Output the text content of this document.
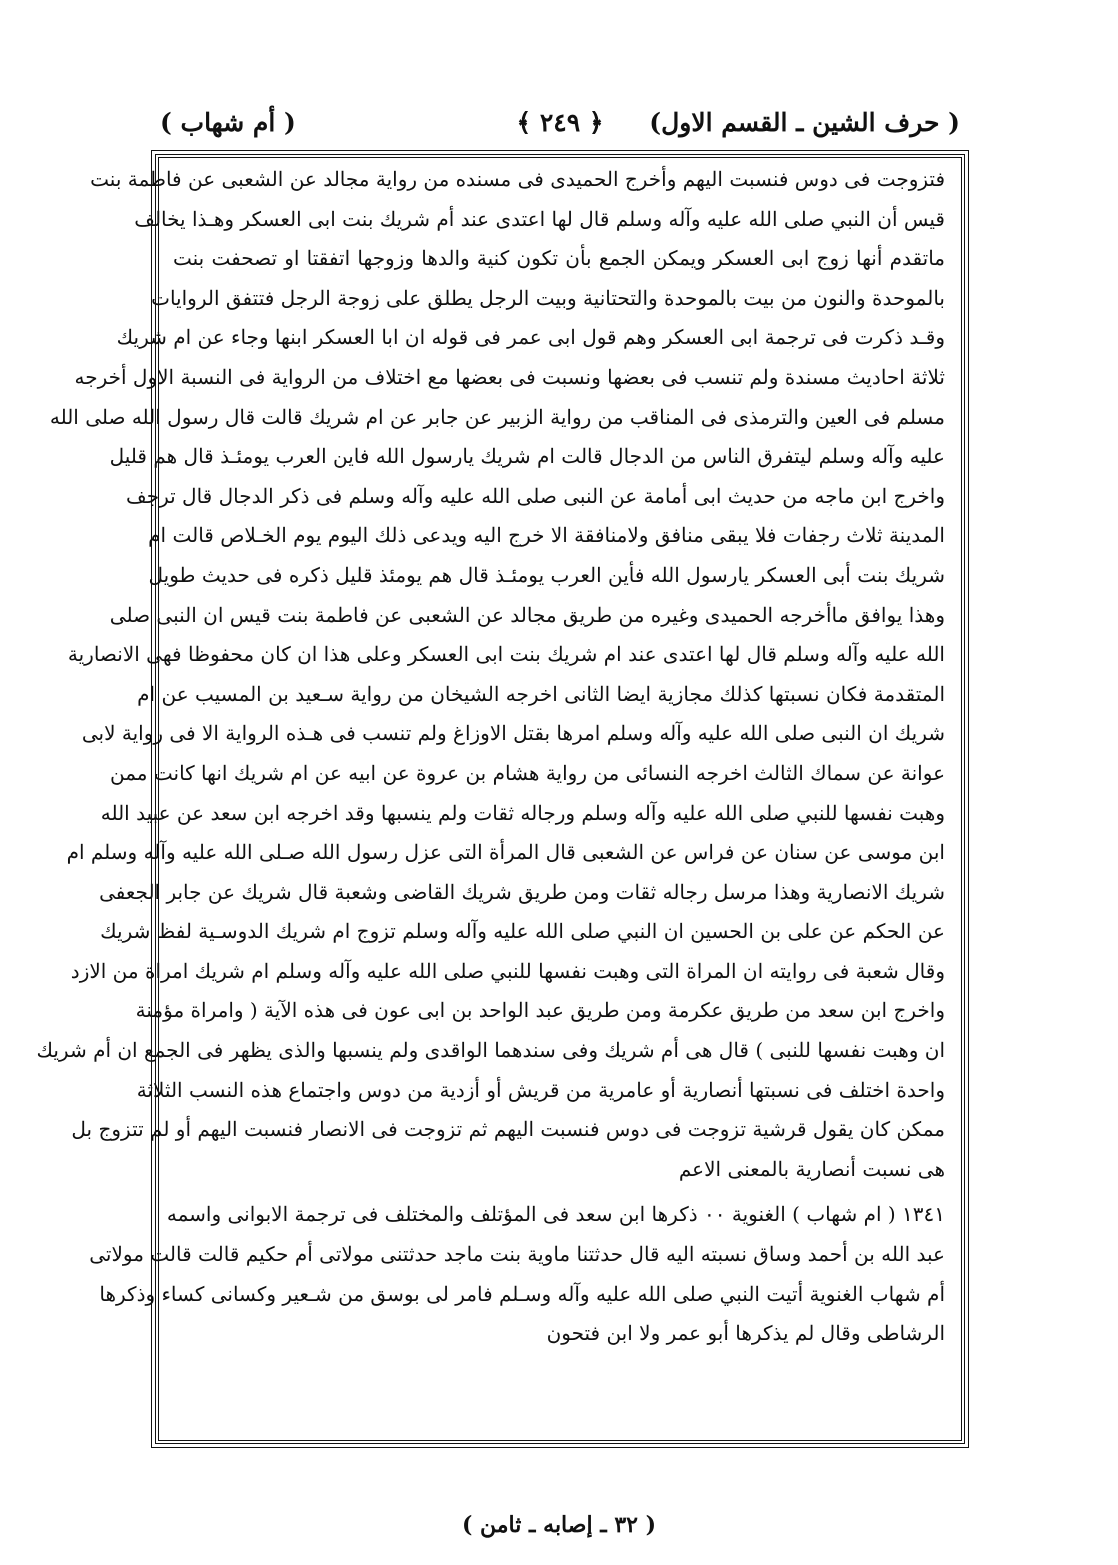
( حرف الشين ـ القسم الاول)
﴿ ٢٤٩ ﴾
( أم شهاب )
فتزوجت فى دوس فنسبت اليهم وأخرج الحميدى فى مسنده من رواية مجالد عن الشعبى عن فاطمة بنت
قيس أن النبي صلى الله عليه وآله وسلم قال لها اعتدى عند أم شريك بنت ابى العسكر وهـذا يخالف
ماتقدم أنها زوج ابى العسكر ويمكن الجمع بأن تكون كنية والدها وزوجها اتفقتا او تصحفت بنت
بالموحدة والنون من بيت بالموحدة والتحتانية وبيت الرجل يطلق على زوجة الرجل فتتفق الروايات
وقـد ذكرت فى ترجمة ابى العسكر وهم قول ابى عمر فى قوله ان ابا العسكر ابنها وجاء عن ام شريك
ثلاثة احاديث مسندة ولم تنسب فى بعضها ونسبت فى بعضها مع اختلاف من الرواية فى النسبة الاول أخرجه
مسلم فى العين والترمذى فى المناقب من رواية الزبير عن جابر عن ام شريك قالت قال رسول الله صلى الله
عليه وآله وسلم ليتفرق الناس من الدجال قالت ام شريك يارسول الله فاين العرب يومئـذ قال هم قليل
واخرج ابن ماجه من حديث ابى أمامة عن النبى صلى الله عليه وآله وسلم فى ذكر الدجال قال ترجف
المدينة ثلاث رجفات فلا يبقى منافق ولامنافقة الا خرج اليه ويدعى ذلك اليوم يوم الخـلاص قالت ام
شريك بنت أبى العسكر يارسول الله فأين العرب يومئـذ قال هم يومئذ قليل ذكره فى حديث طويل
وهذا يوافق ماأخرجه الحميدى وغيره من طريق مجالد عن الشعبى عن فاطمة بنت قيس ان النبى صلى
الله عليه وآله وسلم قال لها اعتدى عند ام شريك بنت ابى العسكر وعلى هذا ان كان محفوظا فهى الانصارية
المتقدمة فكان نسبتها كذلك مجازية ايضا الثانى اخرجه الشيخان من رواية سـعيد بن المسيب عن ام
شريك ان النبى صلى الله عليه وآله وسلم امرها بقتل الاوزاغ ولم تنسب فى هـذه الرواية الا فى رواية لابى
عوانة عن سماك الثالث اخرجه النسائى من رواية هشام بن عروة عن ابيه عن ام شريك انها كانت ممن
وهبت نفسها للنبي صلى الله عليه وآله وسلم ورجاله ثقات ولم ينسبها وقد اخرجه ابن سعد عن عبيد الله
ابن موسى عن سنان عن فراس عن الشعبى قال المرأة التى عزل رسول الله صـلى الله عليه وآله وسلم ام
شريك الانصارية وهذا مرسل رجاله ثقات ومن طريق شريك القاضى وشعبة قال شريك عن جابر الجعفى
عن الحكم عن على بن الحسين ان النبي صلى الله عليه وآله وسلم تزوج ام شريك الدوسـية لفظ شريك
وقال شعبة فى روايته ان المراة التى وهبت نفسها للنبي صلى الله عليه وآله وسلم ام شريك امراة من الازد
واخرج ابن سعد من طريق عكرمة ومن طريق عبد الواحد بن ابى عون فى هذه الآية ( وامراة مؤمنة
ان وهبت نفسها للنبى ) قال هى أم شريك وفى سندهما الواقدى ولم ينسبها والذى يظهر فى الجمع ان أم شريك
واحدة اختلف فى نسبتها أنصارية أو عامرية من قريش أو أزدية من دوس واجتماع هذه النسب الثلاثة
ممكن كان يقول قرشية تزوجت فى دوس فنسبت اليهم ثم تزوجت فى الانصار فنسبت اليهم أو لم تتزوج بل
هى نسبت أنصارية بالمعنى الاعم
١٣٤١ ( ام شهاب ) الغنوية ٠٠ ذكرها ابن سعد فى المؤتلف والمختلف فى ترجمة الابوانى واسمه
عبد الله بن أحمد وساق نسبته اليه قال حدثتنا ماوية بنت ماجد حدثتنى مولاتى أم حكيم قالت قالت مولاتى
أم شهاب الغنوية أتيت النبي صلى الله عليه وآله وسـلم فامر لى بوسق من شـعير وكسانى كساء وذكرها
الرشاطى وقال لم يذكرها أبو عمر ولا ابن فتحون
( ٣٢ ـ إصابه ـ ثامن )
